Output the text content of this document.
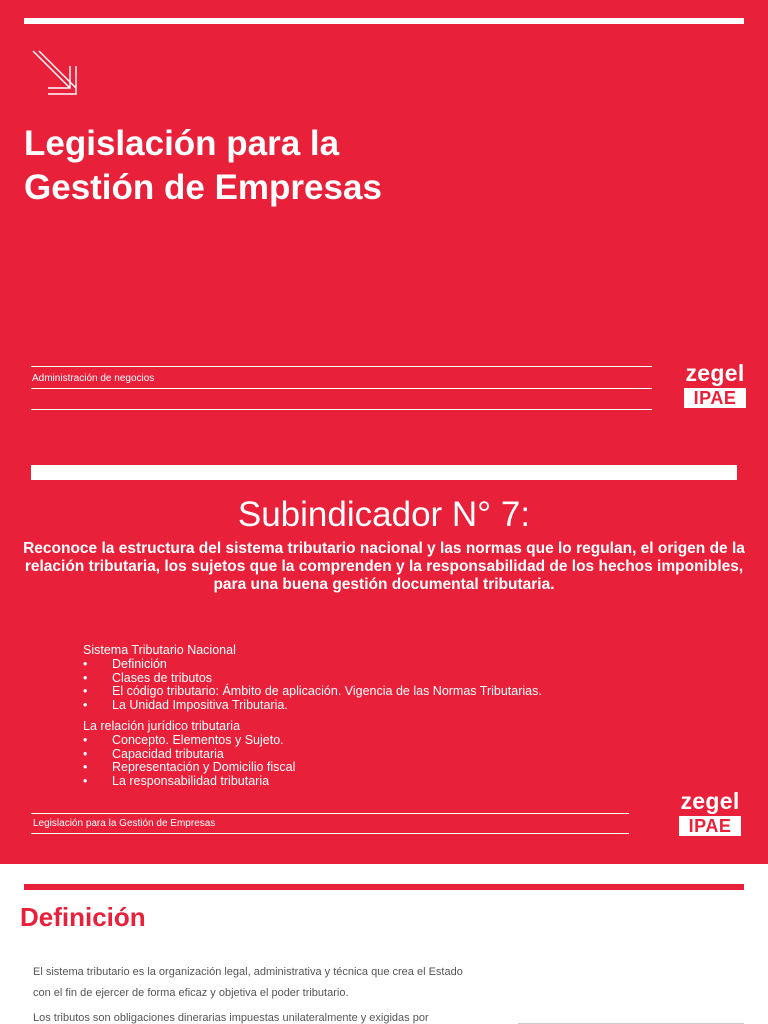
Legislación para la
Gestión de Empresas
Administración de negocios	zegel
IPAE
Subindicador N° 7:
Reconoce la estructura del sistema tributario nacional y las normas que lo regulan, el origen de la relación tributaria, los sujetos que la comprenden y la responsabilidad de los hechos imponibles, para una buena gestión documental tributaria.
Sistema Tributario Nacional
• Definición
• Clases de tributos
• El código tributario: Ámbito de aplicación. Vigencia de las Normas Tributarias.
• La Unidad Impositiva Tributaria.
La relación jurídico tributaria
• Concepto. Elementos y Sujeto.
• Capacidad tributaria
• Representación y Domicilio fiscal
• La responsabilidad tributaria
Legislación para la Gestión de Empresas
zegel
IPAE
Definición
El sistema tributario es la organización legal, administrativa y técnica que crea el Estado con el fin de ejercer de forma eficaz y objetiva el poder tributario.
Los tributos son obligaciones dinerarias impuestas unilateralmente y exigidas por
